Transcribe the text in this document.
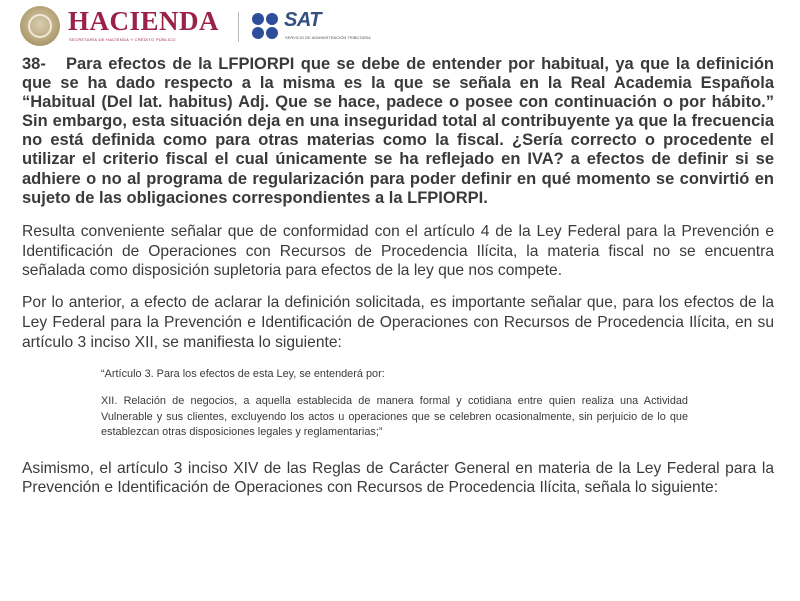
HACIENDA
SECRETARÍA DE HACIENDA Y CRÉDITO PÚBLICO
SAT
SERVICIO DE ADMINISTRACIÓN TRIBUTARIA

38- Para efectos de la LFPIORPI que se debe de entender por habitual, ya que la definición que se ha dado respecto a la misma es la que se señala en la Real Academia Española “Habitual (Del lat. habitus) Adj. Que se hace, padece o posee con continuación o por hábito.” Sin embargo, esta situación deja en una inseguridad total al contribuyente ya que la frecuencia no está definida como para otras materias como la fiscal. ¿Sería correcto o procedente el utilizar el criterio fiscal el cual únicamente se ha reflejado en IVA? a efectos de definir si se adhiere o no al programa de regularización para poder definir en qué momento se convirtió en sujeto de las obligaciones correspondientes a la LFPIORPI.

Resulta conveniente señalar que de conformidad con el artículo 4 de la Ley Federal para la Prevención e Identificación de Operaciones con Recursos de Procedencia Ilícita, la materia fiscal no se encuentra señalada como disposición supletoria para efectos de la ley que nos compete.

Por lo anterior, a efecto de aclarar la definición solicitada, es importante señalar que, para los efectos de la Ley Federal para la Prevención e Identificación de Operaciones con Recursos de Procedencia Ilícita, en su artículo 3 inciso XII, se manifiesta lo siguiente:

“Artículo 3. Para los efectos de esta Ley, se entenderá por:

XII. Relación de negocios, a aquella establecida de manera formal y cotidiana entre quien realiza una Actividad Vulnerable y sus clientes, excluyendo los actos u operaciones que se celebren ocasionalmente, sin perjuicio de lo que establezcan otras disposiciones legales y reglamentarias;”

Asimismo, el artículo 3 inciso XIV de las Reglas de Carácter General en materia de la Ley Federal para la Prevención e Identificación de Operaciones con Recursos de Procedencia Ilícita, señala lo siguiente:
